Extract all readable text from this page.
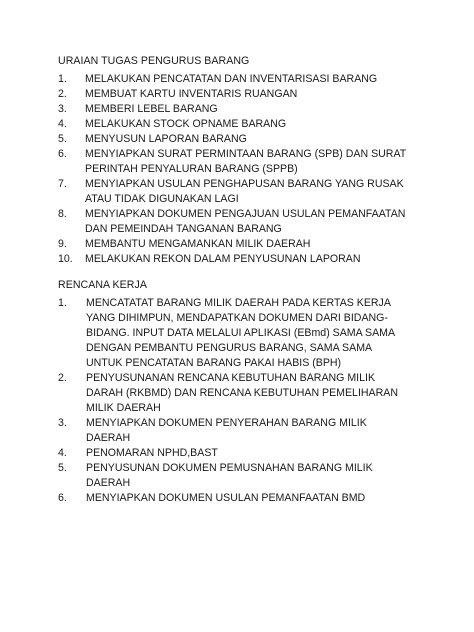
URAIAN TUGAS PENGURUS BARANG
1. MELAKUKAN PENCATATAN DAN INVENTARISASI BARANG
2. MEMBUAT KARTU INVENTARIS RUANGAN
3. MEMBERI LEBEL BARANG
4. MELAKUKAN STOCK OPNAME BARANG
5. MENYUSUN LAPORAN BARANG
6. MENYIAPKAN SURAT PERMINTAAN BARANG (SPB) DAN SURAT PERINTAH PENYALURAN BARANG (SPPB)
7. MENYIAPKAN USULAN PENGHAPUSAN BARANG YANG RUSAK ATAU TIDAK DIGUNAKAN LAGI
8. MENYIAPKAN DOKUMEN PENGAJUAN USULAN PEMANFAATAN DAN PEMEINDAH TANGANAN BARANG
9. MEMBANTU MENGAMANKAN MILIK DAERAH
10. MELAKUKAN REKON DALAM PENYUSUNAN LAPORAN
RENCANA KERJA
1. MENCATATAT BARANG MILIK DAERAH PADA KERTAS KERJA YANG DIHIMPUN, MENDAPATKAN DOKUMEN DARI BIDANG- BIDANG. INPUT DATA MELALUI APLIKASI (EBmd) SAMA SAMA DENGAN PEMBANTU PENGURUS BARANG, SAMA SAMA UNTUK PENCATATAN BARANG PAKAI HABIS (BPH)
2. PENYUSUNANAN RENCANA KEBUTUHAN BARANG MILIK DARAH (RKBMD) DAN RENCANA KEBUTUHAN PEMELIHARAN MILIK DAERAH
3. MENYIAPKAN DOKUMEN PENYERAHAN BARANG MILIK DAERAH
4. PENOMARAN NPHD,BAST
5. PENYUSUNAN DOKUMEN PEMUSNAHAN BARANG MILIK DAERAH
6. MENYIAPKAN DOKUMEN USULAN PEMANFAATAN BMD
